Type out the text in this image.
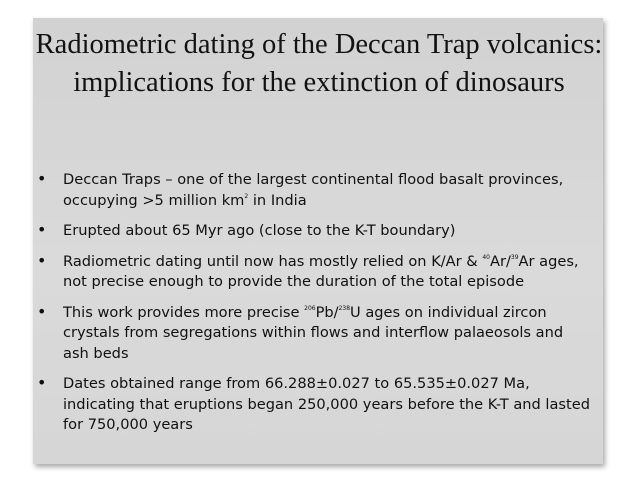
Radiometric dating of the Deccan Trap volcanics: implications for the extinction of dinosaurs
• Deccan Traps – one of the largest continental flood basalt provinces, occupying >5 million $km^2$ in India
• Erupted about 65 Myr ago (close to the K-T boundary)
• Radiometric dating until now has mostly relied on K/Ar & $^{40}$Ar/$^{39}$Ar ages, not precise enough to provide the duration of the total episode
• This work provides more precise $^{206}$Pb/$^{238}$U ages on individual zircon crystals from segregations within flows and interflow palaeosols and ash beds
• Dates obtained range from 66.288±0.027 to 65.535±0.027 Ma, indicating that eruptions began 250,000 years before the K-T and lasted for 750,000 years
